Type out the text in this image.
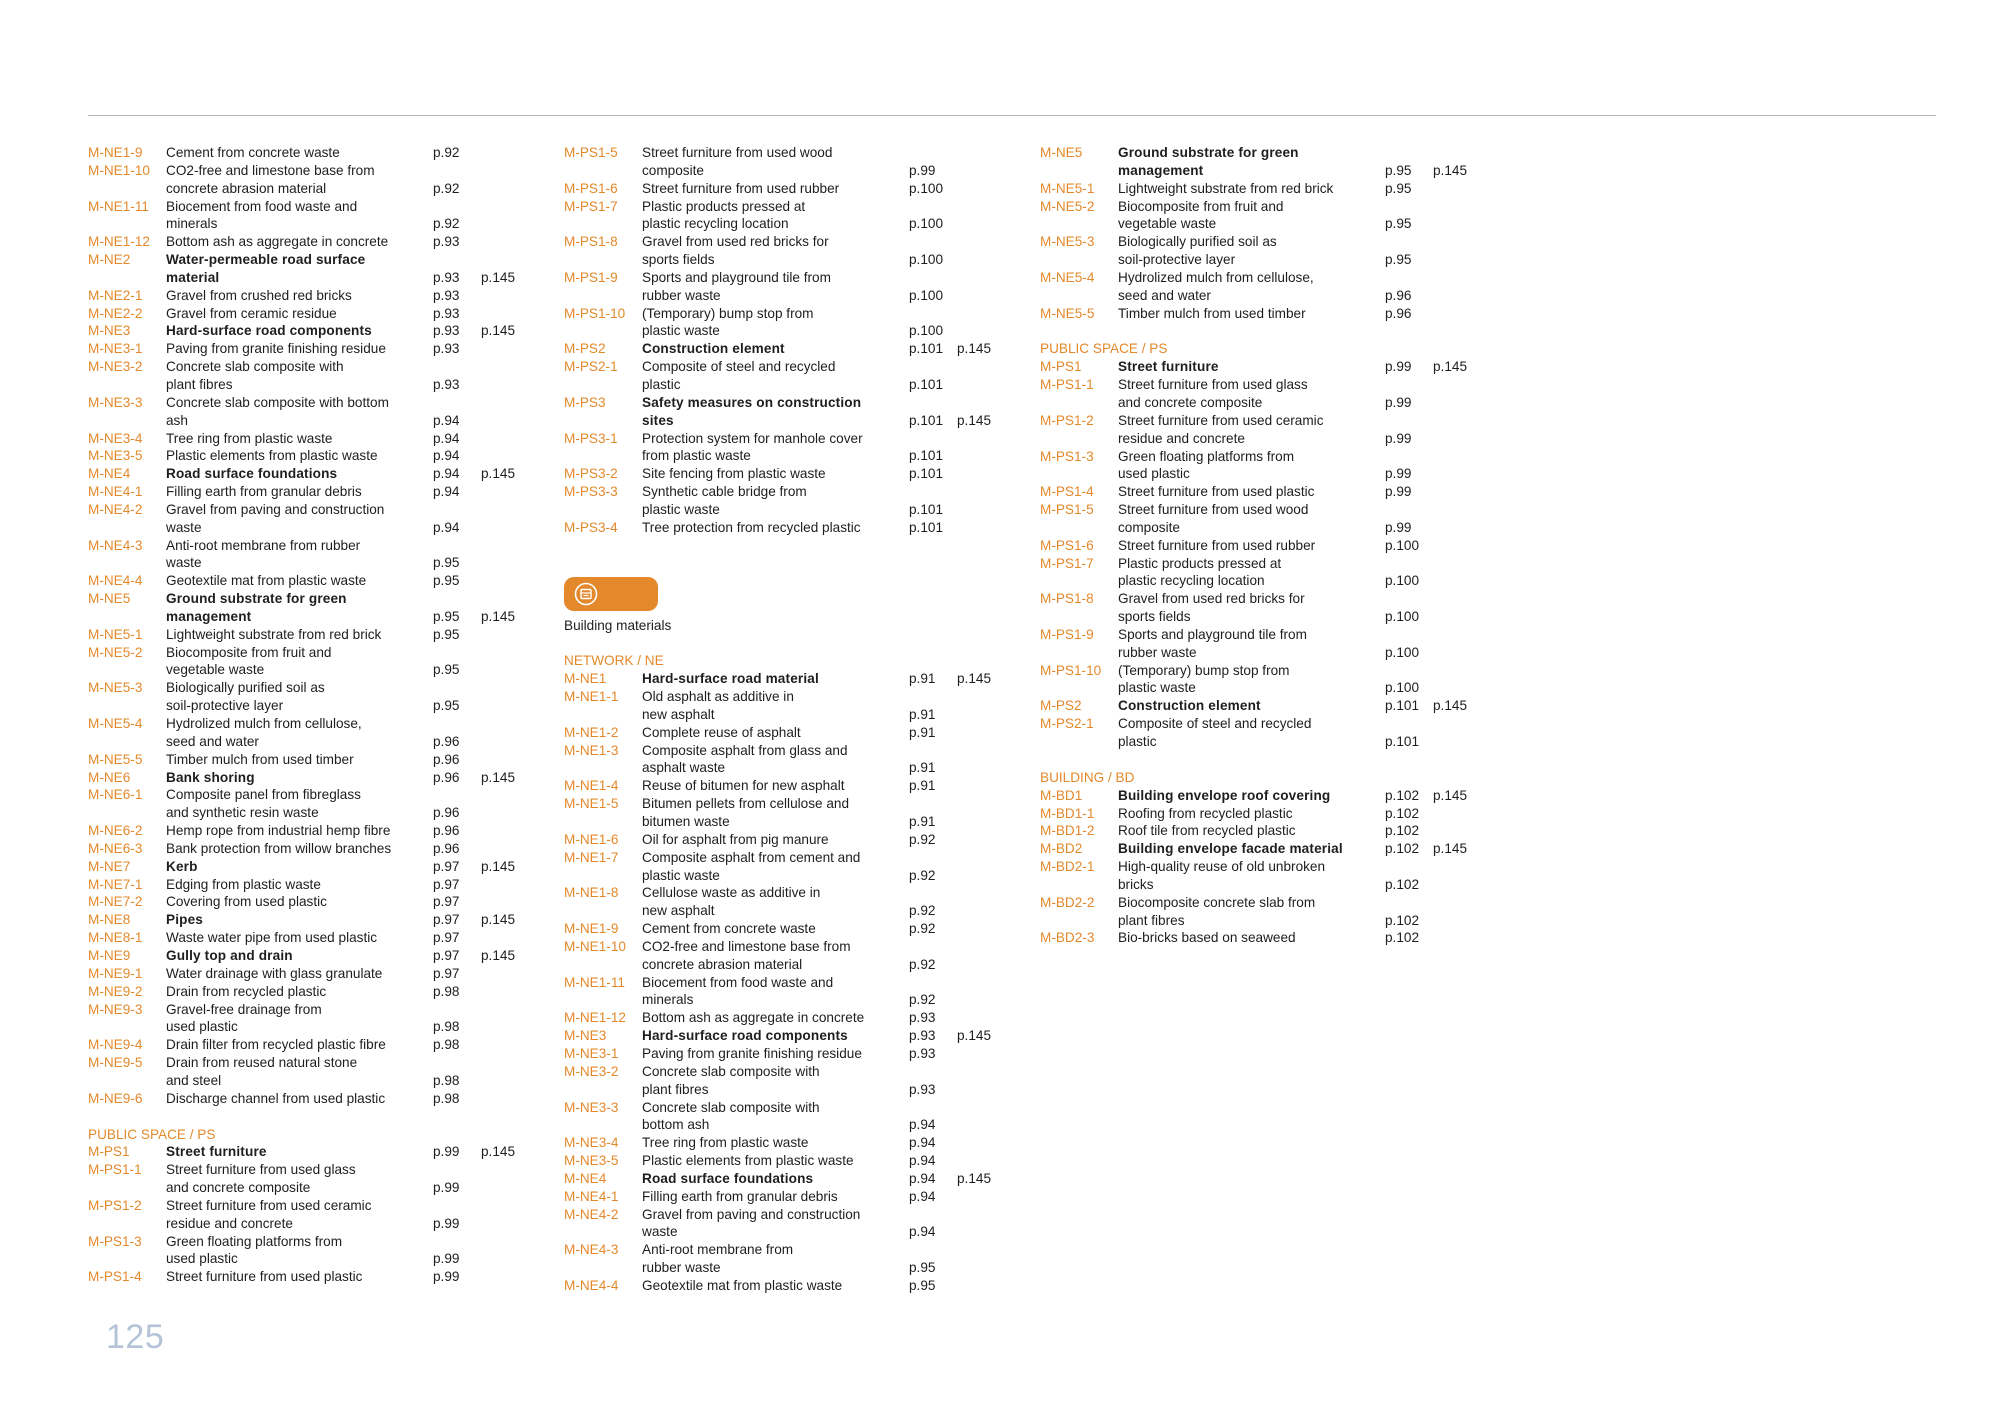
M-NE1-9 Cement from concrete waste	p.92
M-NE1-10 CO2-free and limestone base from
concrete abrasion material	p.92
M-NE1-11 Biocement from food waste and
minerals	p.92
M-NE1-12 Bottom ash as aggregate in concrete	p.93
M-NE2	Water-permeable road surface
material	p.93 p.145
M-NE2-1 Gravel from crushed red bricks	p.93
M-NE2-2 Gravel from ceramic residue	p.93
M-NE3	Hard-surface road components	p.93 p.145
M-NE3-1 Paving from granite finishing residue	p.93
M-NE3-2 Concrete slab composite with
plant fibres	p.93
M-NE3-3 Concrete slab composite with bottom
ash	p.94
M-NE3-4 Tree ring from plastic waste	p.94
M-NE3-5 Plastic elements from plastic waste	p.94
M-NE4	Road surface foundations	p.94 p.145
M-NE4-1 Filling earth from granular debris	p.94
M-NE4-2 Gravel from paving and construction
waste	p.94
M-NE4-3 Anti-root membrane from rubber
waste	p.95
M-NE4-4 Geotextile mat from plastic waste	p.95
M-NE5	Ground substrate for green
management	p.95 p.145
M-NE5-1 Lightweight substrate from red brick	p.95
M-NE5-2 Biocomposite from fruit and
vegetable waste	p.95
M-NE5-3 Biologically purified soil as
soil-protective layer	p.95
M-NE5-4 Hydrolized mulch from cellulose,
seed and water	p.96
M-NE5-5 Timber mulch from used timber	p.96
M-NE6	Bank shoring	p.96 p.145
M-NE6-1 Composite panel from fibreglass
and synthetic resin waste	p.96
M-NE6-2 Hemp rope from industrial hemp fibre	p.96
M-NE6-3 Bank protection from willow branches	p.96
M-NE7	Kerb	p.97 p.145
M-NE7-1 Edging from plastic waste	p.97
M-NE7-2 Covering from used plastic	p.97
M-NE8	Pipes	p.97 p.145
M-NE8-1 Waste water pipe from used plastic	p.97
M-NE9	Gully top and drain	p.97 p.145
M-NE9-1 Water drainage with glass granulate	p.97
M-NE9-2 Drain from recycled plastic	p.98
M-NE9-3 Gravel-free drainage from
used plastic	p.98
M-NE9-4 Drain filter from recycled plastic fibre	p.98
M-NE9-5 Drain from reused natural stone
and steel	p.98
M-NE9-6 Discharge channel from used plastic	p.98
PUBLIC SPACE / PS
M-PS1	Street furniture	p.99 p.145
M-PS1-1 Street furniture from used glass
and concrete composite	p.99
M-PS1-2 Street furniture from used ceramic
residue and concrete	p.99
M-PS1-3 Green floating platforms from
used plastic	p.99
M-PS1-4 Street furniture from used plastic	p.99
M-PS1-5 Street furniture from used wood
composite	p.99
M-PS1-6 Street furniture from used rubber	p.100
M-PS1-7 Plastic products pressed at
plastic recycling location	p.100
M-PS1-8 Gravel from used red bricks for
sports fields	p.100
M-PS1-9 Sports and playground tile from
rubber waste	p.100
M-PS1-10 (Temporary) bump stop from
plastic waste	p.100
M-PS2	Construction element	p.101 p.145
M-PS2-1 Composite of steel and recycled
plastic	p.101
M-PS3	Safety measures on construction
sites	p.101 p.145
M-PS3-1 Protection system for manhole cover
from plastic waste	p.101
M-PS3-2 Site fencing from plastic waste	p.101
M-PS3-3 Synthetic cable bridge from
plastic waste	p.101
M-PS3-4 Tree protection from recycled plastic	p.101
Building materials
NETWORK / NE
M-NE1	Hard-surface road material	p.91 p.145
M-NE1-1 Old asphalt as additive in
new asphalt	p.91
M-NE1-2 Complete reuse of asphalt	p.91
M-NE1-3 Composite asphalt from glass and
asphalt waste	p.91
M-NE1-4 Reuse of bitumen for new asphalt	p.91
M-NE1-5 Bitumen pellets from cellulose and
bitumen waste	p.91
M-NE1-6 Oil for asphalt from pig manure	p.92
M-NE1-7 Composite asphalt from cement and
plastic waste	p.92
M-NE1-8 Cellulose waste as additive in
new asphalt	p.92
M-NE1-9 Cement from concrete waste	p.92
M-NE1-10 CO2-free and limestone base from
concrete abrasion material	p.92
M-NE1-11 Biocement from food waste and
minerals	p.92
M-NE1-12 Bottom ash as aggregate in concrete	p.93
M-NE3	Hard-surface road components	p.93 p.145
M-NE3-1 Paving from granite finishing residue	p.93
M-NE3-2 Concrete slab composite with
plant fibres	p.93
M-NE3-3 Concrete slab composite with
bottom ash	p.94
M-NE3-4 Tree ring from plastic waste	p.94
M-NE3-5 Plastic elements from plastic waste	p.94
M-NE4	Road surface foundations	p.94 p.145
M-NE4-1 Filling earth from granular debris	p.94
M-NE4-2 Gravel from paving and construction
waste	p.94
M-NE4-3 Anti-root membrane from
rubber waste	p.95
M-NE4-4 Geotextile mat from plastic waste	p.95
M-NE5	Ground substrate for green
management	p.95 p.145
M-NE5-1 Lightweight substrate from red brick	p.95
M-NE5-2 Biocomposite from fruit and
vegetable waste	p.95
M-NE5-3 Biologically purified soil as
soil-protective layer	p.95
M-NE5-4 Hydrolized mulch from cellulose,
seed and water	p.96
M-NE5-5 Timber mulch from used timber	p.96
PUBLIC SPACE / PS
M-PS1	Street furniture	p.99 p.145
M-PS1-1 Street furniture from used glass
and concrete composite	p.99
M-PS1-2 Street furniture from used ceramic
residue and concrete	p.99
M-PS1-3 Green floating platforms from
used plastic	p.99
M-PS1-4 Street furniture from used plastic	p.99
M-PS1-5 Street furniture from used wood
composite	p.99
M-PS1-6 Street furniture from used rubber	p.100
M-PS1-7 Plastic products pressed at
plastic recycling location	p.100
M-PS1-8 Gravel from used red bricks for
sports fields	p.100
M-PS1-9 Sports and playground tile from
rubber waste	p.100
M-PS1-10 (Temporary) bump stop from
plastic waste	p.100
M-PS2	Construction element	p.101 p.145
M-PS2-1 Composite of steel and recycled
plastic	p.101
BUILDING / BD
M-BD1	Building envelope roof covering	p.102 p.145
M-BD1-1 Roofing from recycled plastic	p.102
M-BD1-2 Roof tile from recycled plastic	p.102
M-BD2	Building envelope facade material	p.102 p.145
M-BD2-1 High-quality reuse of old unbroken
bricks	p.102
M-BD2-2 Biocomposite concrete slab from
plant fibres	p.102
M-BD2-3 Bio-bricks based on seaweed	p.102
125
